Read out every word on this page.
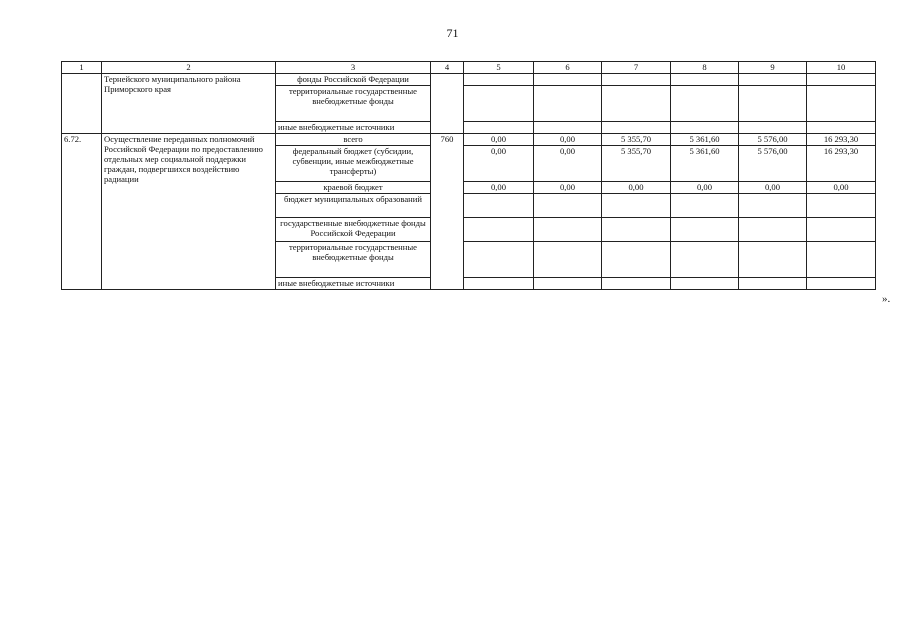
71
1	2	3	4	5	6	7	8	9	10
	Тернейского муниципального района Приморского края	фонды Российской Федерации							
		территориальные государственные внебюджетные фонды							
		иные внебюджетные источники							
6.72.	Осуществление переданных полномочий Российской Федерации по предоставлению отдельных мер социальной поддержки граждан, подвергшихся воздействию радиации	всего	760	0,00	0,00	5 355,70	5 361,60	5 576,00	16 293,30
		федеральный бюджет (субсидии, субвенции, иные межбюджетные трансферты)		0,00	0,00	5 355,70	5 361,60	5 576,00	16 293,30
		краевой бюджет		0,00	0,00	0,00	0,00	0,00	0,00
		бюджет муниципальных образований							
		государственные внебюджетные фонды Российской Федерации							
		территориальные государственные внебюджетные фонды							
		иные внебюджетные источники							
».
